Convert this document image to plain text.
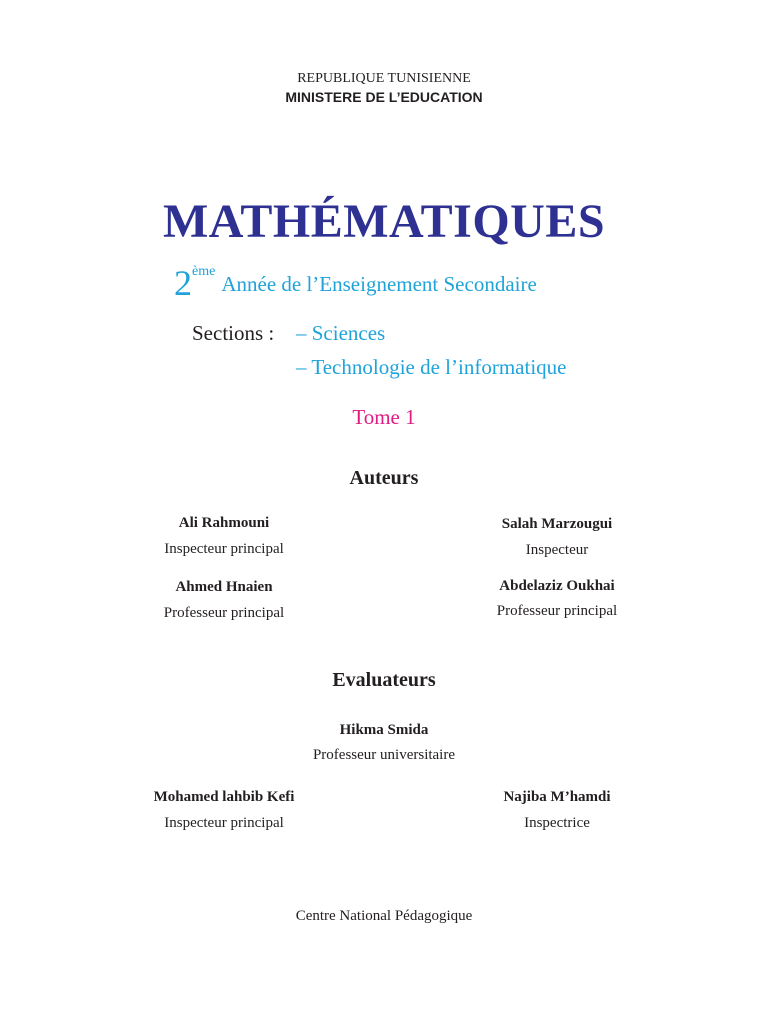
REPUBLIQUE TUNISIENNE
MINISTERE DE L’EDUCATION
MATHÉMATIQUES
2èmeAnnée de l’Enseignement Secondaire
Sections : – Sciences
– Technologie de l’informatique
Tome 1
Auteurs
Ali Rahmouni
Inspecteur principal
Salah Marzougui
Inspecteur
Ahmed Hnaien
Professeur principal
Abdelaziz Oukhai
Professeur principal
Evaluateurs
Hikma Smida
Professeur universitaire
Mohamed lahbib Kefi
Inspecteur principal
Najiba M’hamdi
Inspectrice
Centre National Pédagogique
